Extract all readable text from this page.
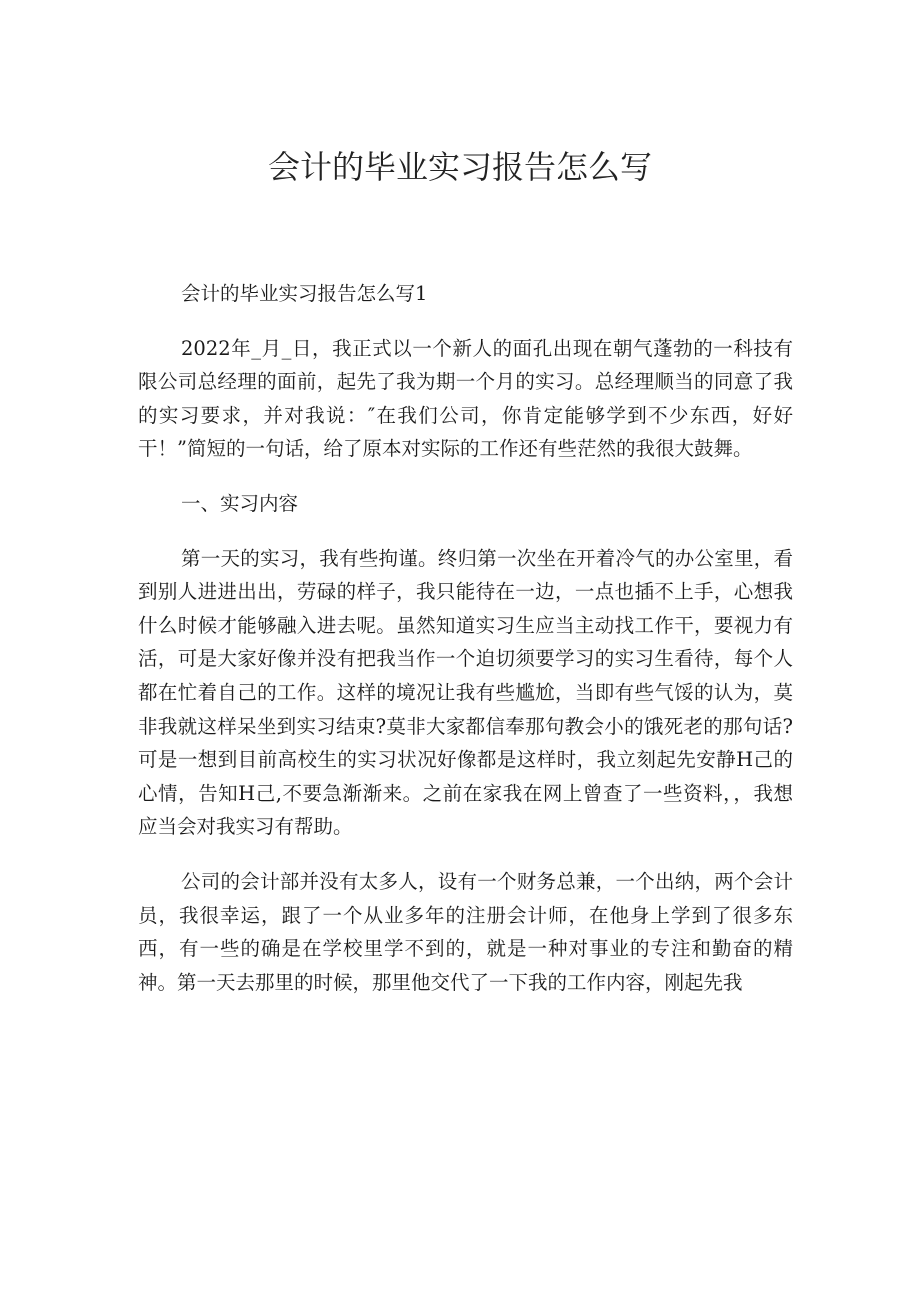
会计的毕业实习报告怎么写

会计的毕业实习报告怎么写1

2022年_月_日，我正式以一个新人的面孔出现在朝气蓬勃的一科技有限公司总经理的面前，起先了我为期一个月的实习。总经理顺当的同意了我的实习要求，并对我说：″在我们公司，你肯定能够学到不少东西，好好干！”简短的一句话，给了原本对实际的工作还有些茫然的我很大鼓舞。

一、实习内容

第一天的实习，我有些拘谨。终归第一次坐在开着冷气的办公室里，看到别人进进出出，劳碌的样子，我只能待在一边，一点也插不上手，心想我什么时候才能够融入进去呢。虽然知道实习生应当主动找工作干，要视力有活，可是大家好像并没有把我当作一个迫切须要学习的实习生看待，每个人都在忙着自己的工作。这样的境况让我有些尴尬，当即有些气馁的认为，莫非我就这样呆坐到实习结束?莫非大家都信奉那句教会小的饿死老的那句话?可是一想到目前高校生的实习状况好像都是这样时，我立刻起先安静H己的心情，告知H己,不要急渐渐来。之前在家我在网上曾查了一些资料，，我想应当会对我实习有帮助。

公司的会计部并没有太多人，设有一个财务总兼，一个出纳，两个会计员，我很幸运，跟了一个从业多年的注册会计师，在他身上学到了很多东西，有一些的确是在学校里学不到的，就是一种对事业的专注和勤奋的精神。第一天去那里的时候，那里他交代了一下我的工作内容，刚起先我
